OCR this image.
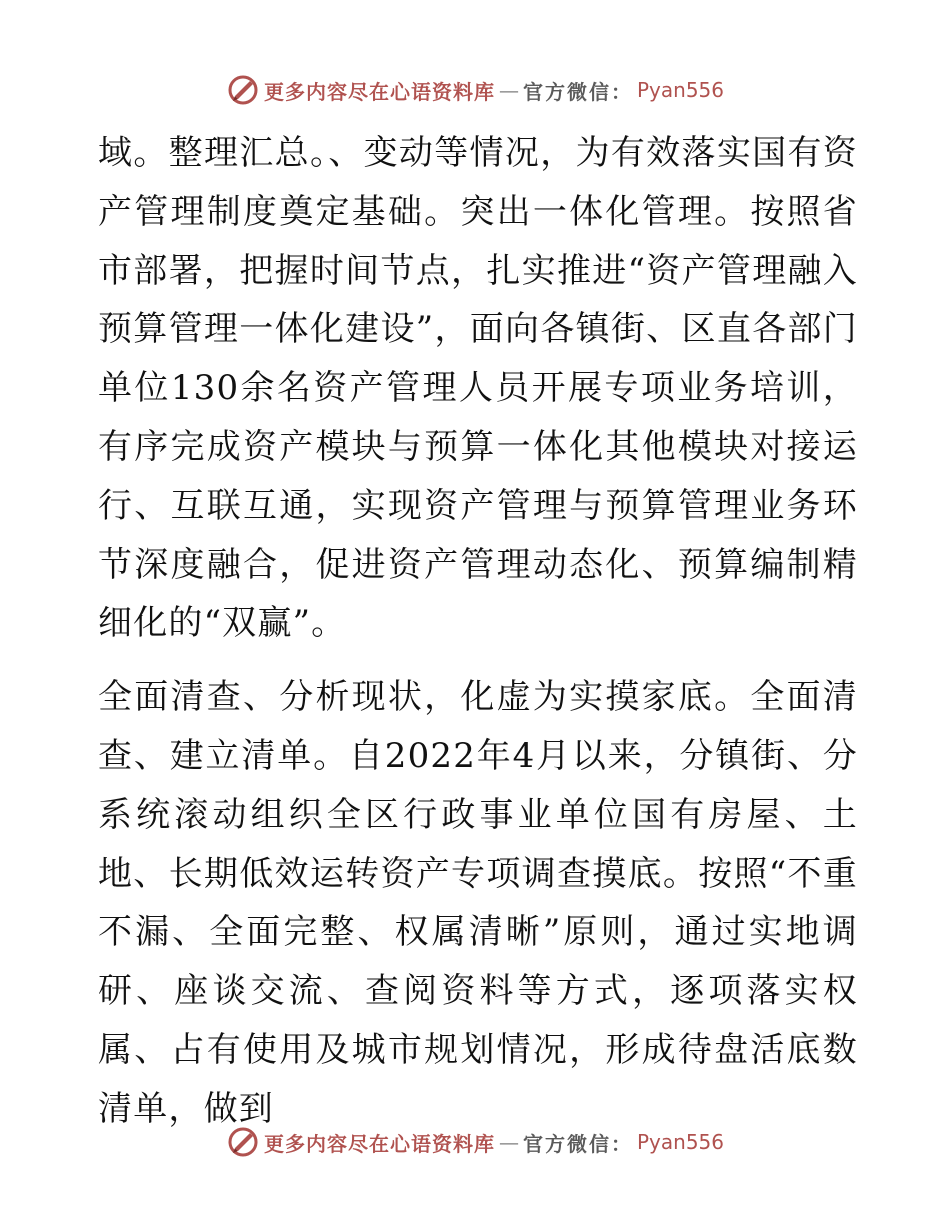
更多内容尽在心语资料库 — 官方微信： Pyan556

域。整理汇总。、变动等情况，为有效落实国有资产管理制度奠定基础。突出一体化管理。按照省市部署，把握时间节点，扎实推进“资产管理融入预算管理一体化建设”，面向各镇街、区直各部门单位130余名资产管理人员开展专项业务培训，有序完成资产模块与预算一体化其他模块对接运行、互联互通，实现资产管理与预算管理业务环节深度融合，促进资产管理动态化、预算编制精细化的“双赢”。

全面清查、分析现状，化虚为实摸家底。全面清查、建立清单。自2022年4月以来，分镇街、分系统滚动组织全区行政事业单位国有房屋、土地、长期低效运转资产专项调查摸底。按照“不重不漏、全面完整、权属清晰”原则，通过实地调研、座谈交流、查阅资料等方式，逐项落实权属、占有使用及城市规划情况，形成待盘活底数清单，做到

更多内容尽在心语资料库 — 官方微信： Pyan556
